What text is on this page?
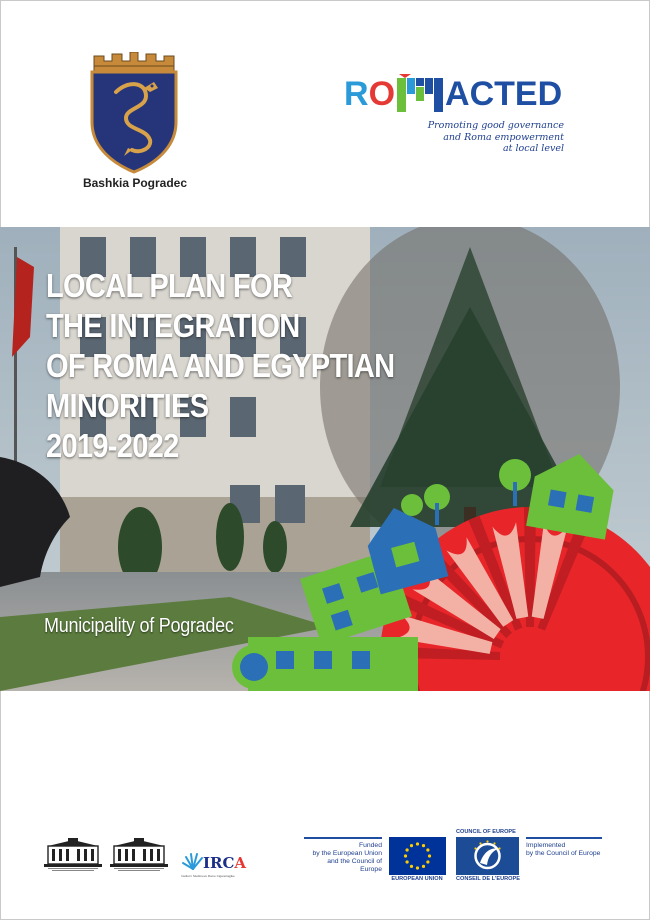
Bashkia Pogradec
RO ACTED
Promoting good governance
and Roma empowerment
at local level
LOCAL PLAN FOR
THE INTEGRATION
OF ROMA AND EGYPTIAN
MINORITIES
2019-2022
Municipality of Pogradec
IRCA
Instituti i Studimeve Rome Ciganologjike
Funded
by the European Union
and the Council of Europe
EUROPEAN UNION
COUNCIL OF EUROPE
CONSEIL DE L'EUROPE
Implemented
by the Council of Europe
